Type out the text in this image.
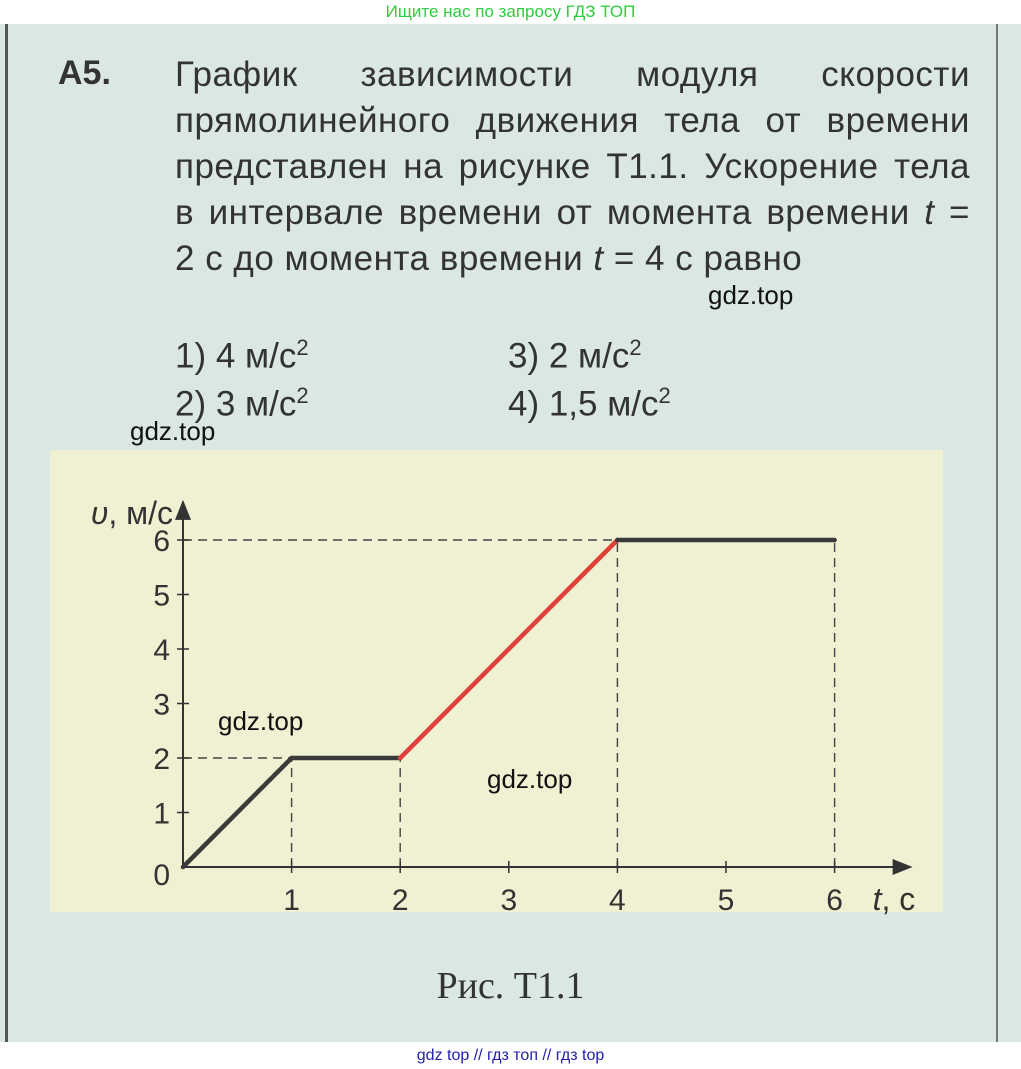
Ищите нас по запросу ГДЗ ТОП
А5. График зависимости модуля скорости прямолинейного движения тела от времени представлен на рисунке Т1.1. Ускорение тела в интервале времени от момента времени t = 2 с до момента времени t = 4 с равно
1) 4 $м/с^2$	3) 2 $м/с^2$
2) 3 $м/с^2$	4) 1,5 $м/с^2$
gdz.top
gdz.top
1	2	3	4	5	6
1
2
3
4
5
6
0
t, с
υ, м/с
gdz.top
gdz.top
Рис. Т1.1
gdz top // гдз топ // гдз top
